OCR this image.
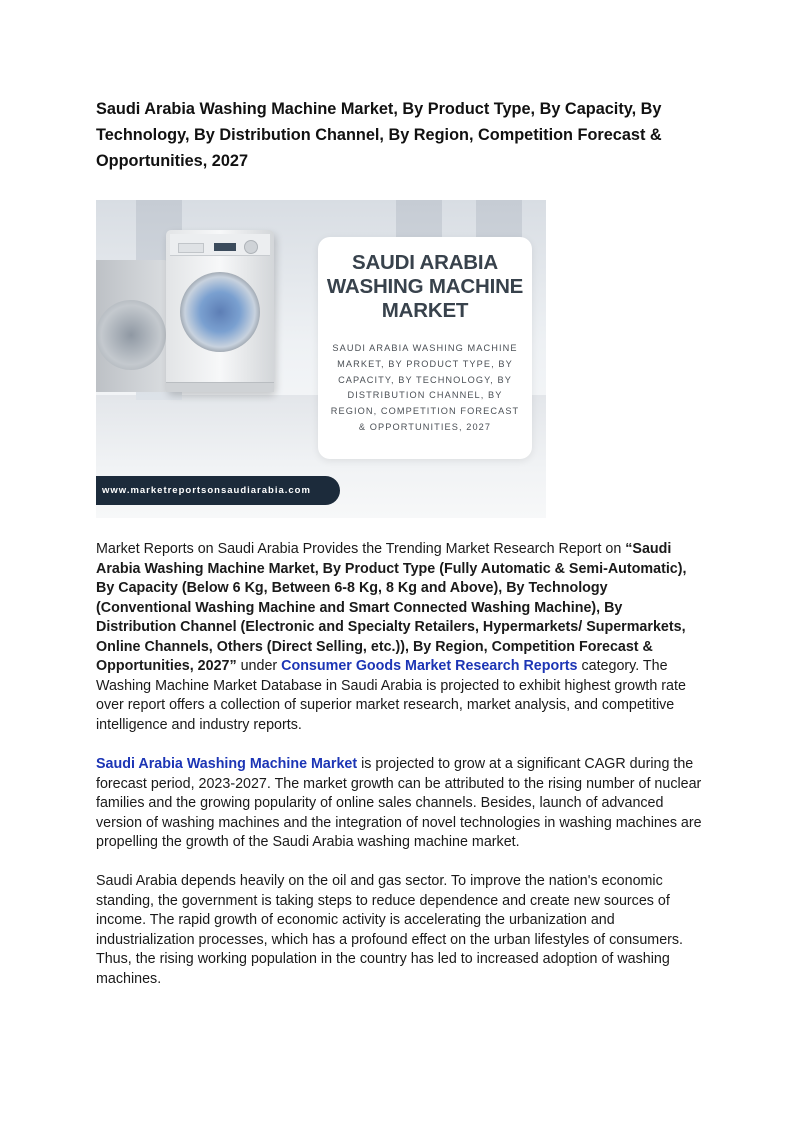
Saudi Arabia Washing Machine Market, By Product Type, By Capacity, By Technology, By Distribution Channel, By Region, Competition Forecast & Opportunities, 2027
SAUDI ARABIA WASHING MACHINE MARKET
SAUDI ARABIA WASHING MACHINE MARKET, BY PRODUCT TYPE, BY CAPACITY, BY TECHNOLOGY, BY DISTRIBUTION CHANNEL, BY REGION, COMPETITION FORECAST & OPPORTUNITIES, 2027
www.marketreportsonsaudiarabia.com

Market Reports on Saudi Arabia Provides the Trending Market Research Report on “Saudi Arabia Washing Machine Market, By Product Type (Fully Automatic & Semi-Automatic), By Capacity (Below 6 Kg, Between 6-8 Kg, 8 Kg and Above), By Technology (Conventional Washing Machine and Smart Connected Washing Machine), By Distribution Channel (Electronic and Specialty Retailers, Hypermarkets/ Supermarkets, Online Channels, Others (Direct Selling, etc.)), By Region, Competition Forecast & Opportunities, 2027” under Consumer Goods Market Research Reports category. The Washing Machine Market Database in Saudi Arabia is projected to exhibit highest growth rate over report offers a collection of superior market research, market analysis, and competitive intelligence and industry reports.

Saudi Arabia Washing Machine Market is projected to grow at a significant CAGR during the forecast period, 2023-2027. The market growth can be attributed to the rising number of nuclear families and the growing popularity of online sales channels. Besides, launch of advanced version of washing machines and the integration of novel technologies in washing machines are propelling the growth of the Saudi Arabia washing machine market.

Saudi Arabia depends heavily on the oil and gas sector. To improve the nation's economic standing, the government is taking steps to reduce dependence and create new sources of income. The rapid growth of economic activity is accelerating the urbanization and industrialization processes, which has a profound effect on the urban lifestyles of consumers. Thus, the rising working population in the country has led to increased adoption of washing machines.
